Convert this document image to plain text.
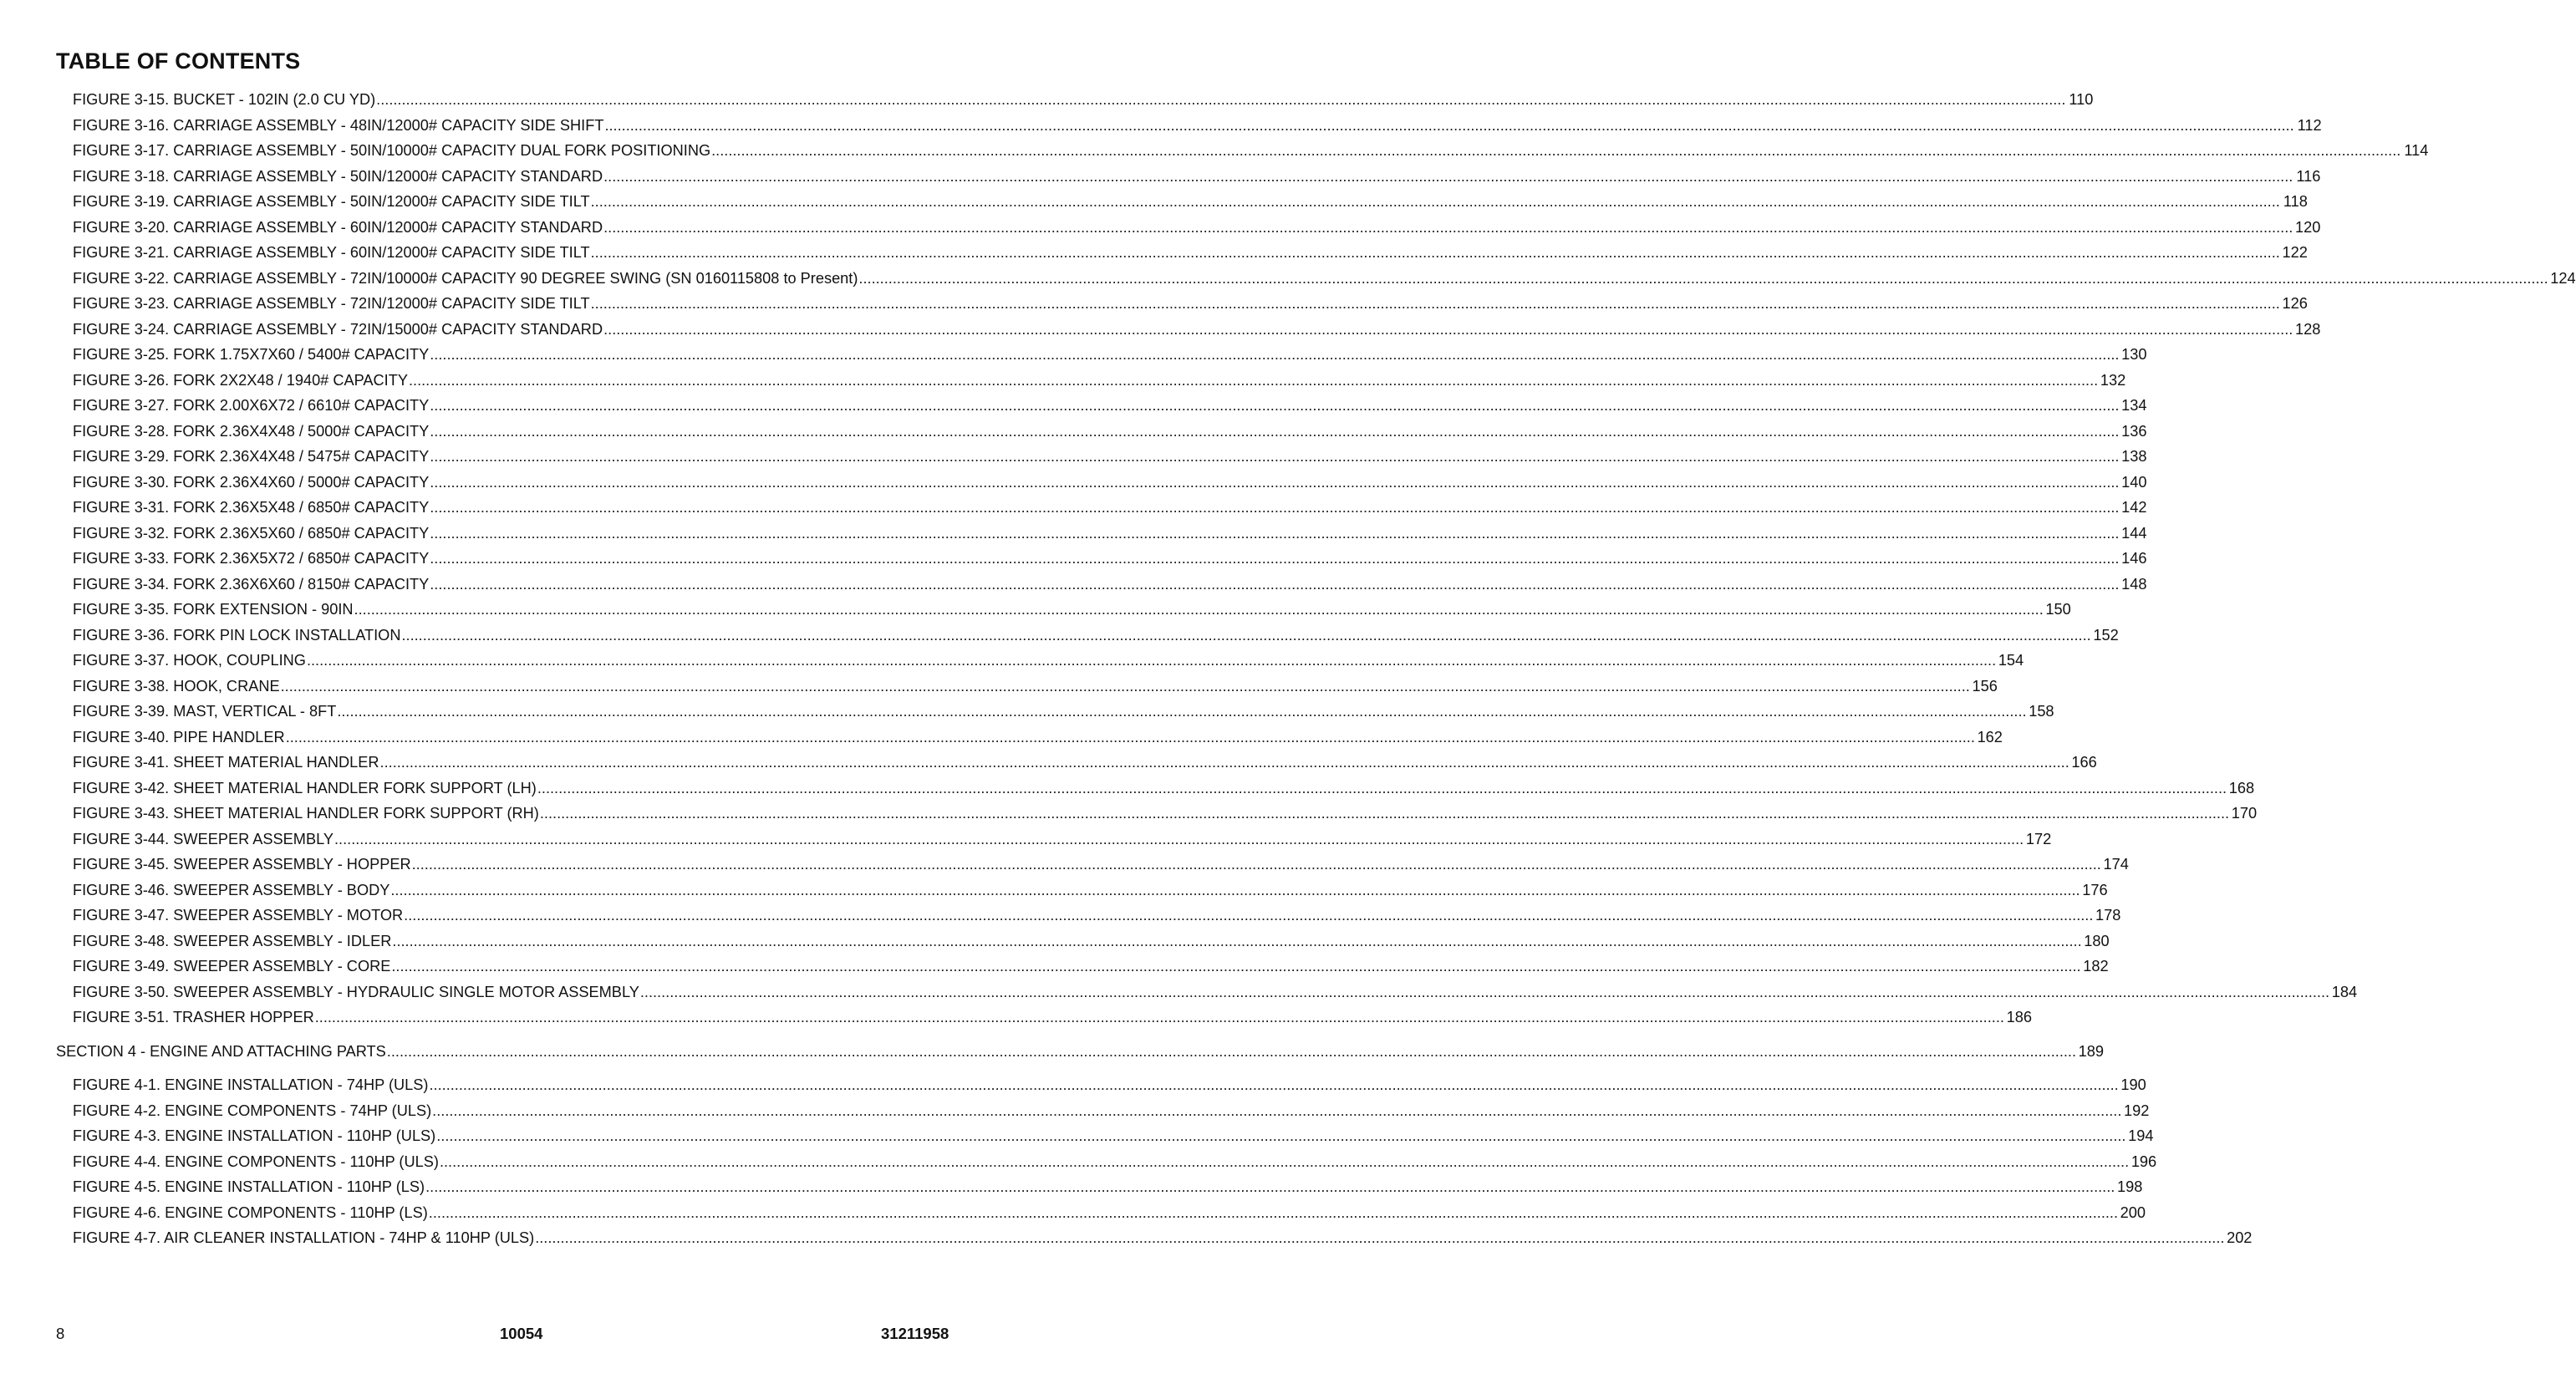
TABLE OF CONTENTS
FIGURE 3-15. BUCKET - 102IN (2.0 CU YD) ................................................................................................................................................................................................................................................................................................................................................................................................................ 110
FIGURE 3-16. CARRIAGE ASSEMBLY - 48IN/12000# CAPACITY SIDE SHIFT ................................................................................................................................................................................................................................................................................................................................................................................................................ 112
FIGURE 3-17. CARRIAGE ASSEMBLY - 50IN/10000# CAPACITY DUAL FORK POSITIONING ................................................................................................................................................................................................................................................................................................................................................................................................................ 114
FIGURE 3-18. CARRIAGE ASSEMBLY - 50IN/12000# CAPACITY STANDARD ................................................................................................................................................................................................................................................................................................................................................................................................................ 116
FIGURE 3-19. CARRIAGE ASSEMBLY - 50IN/12000# CAPACITY SIDE TILT ................................................................................................................................................................................................................................................................................................................................................................................................................ 118
FIGURE 3-20. CARRIAGE ASSEMBLY - 60IN/12000# CAPACITY STANDARD ................................................................................................................................................................................................................................................................................................................................................................................................................ 120
FIGURE 3-21. CARRIAGE ASSEMBLY - 60IN/12000# CAPACITY SIDE TILT ................................................................................................................................................................................................................................................................................................................................................................................................................ 122
FIGURE 3-22. CARRIAGE ASSEMBLY - 72IN/10000# CAPACITY 90 DEGREE SWING (SN 0160115808 to Present) ................................................................................................................................................................................................................................................................................................................................................................................................................ 124
FIGURE 3-23. CARRIAGE ASSEMBLY - 72IN/12000# CAPACITY SIDE TILT ................................................................................................................................................................................................................................................................................................................................................................................................................ 126
FIGURE 3-24. CARRIAGE ASSEMBLY - 72IN/15000# CAPACITY STANDARD ................................................................................................................................................................................................................................................................................................................................................................................................................ 128
FIGURE 3-25. FORK 1.75X7X60 / 5400# CAPACITY ................................................................................................................................................................................................................................................................................................................................................................................................................ 130
FIGURE 3-26. FORK 2X2X48 / 1940# CAPACITY ................................................................................................................................................................................................................................................................................................................................................................................................................ 132
FIGURE 3-27. FORK 2.00X6X72 / 6610# CAPACITY ................................................................................................................................................................................................................................................................................................................................................................................................................ 134
FIGURE 3-28. FORK 2.36X4X48 / 5000# CAPACITY ................................................................................................................................................................................................................................................................................................................................................................................................................ 136
FIGURE 3-29. FORK 2.36X4X48 / 5475# CAPACITY ................................................................................................................................................................................................................................................................................................................................................................................................................ 138
FIGURE 3-30. FORK 2.36X4X60 / 5000# CAPACITY ................................................................................................................................................................................................................................................................................................................................................................................................................ 140
FIGURE 3-31. FORK 2.36X5X48 / 6850# CAPACITY ................................................................................................................................................................................................................................................................................................................................................................................................................ 142
FIGURE 3-32. FORK 2.36X5X60 / 6850# CAPACITY ................................................................................................................................................................................................................................................................................................................................................................................................................ 144
FIGURE 3-33. FORK 2.36X5X72 / 6850# CAPACITY ................................................................................................................................................................................................................................................................................................................................................................................................................ 146
FIGURE 3-34. FORK 2.36X6X60 / 8150# CAPACITY ................................................................................................................................................................................................................................................................................................................................................................................................................ 148
FIGURE 3-35. FORK EXTENSION - 90IN ................................................................................................................................................................................................................................................................................................................................................................................................................ 150
FIGURE 3-36. FORK PIN LOCK INSTALLATION ................................................................................................................................................................................................................................................................................................................................................................................................................ 152
FIGURE 3-37. HOOK, COUPLING ................................................................................................................................................................................................................................................................................................................................................................................................................ 154
FIGURE 3-38. HOOK, CRANE ................................................................................................................................................................................................................................................................................................................................................................................................................ 156
FIGURE 3-39. MAST, VERTICAL - 8FT ................................................................................................................................................................................................................................................................................................................................................................................................................ 158
FIGURE 3-40. PIPE HANDLER ................................................................................................................................................................................................................................................................................................................................................................................................................ 162
FIGURE 3-41. SHEET MATERIAL HANDLER ................................................................................................................................................................................................................................................................................................................................................................................................................ 166
FIGURE 3-42. SHEET MATERIAL HANDLER FORK SUPPORT (LH) ................................................................................................................................................................................................................................................................................................................................................................................................................ 168
FIGURE 3-43. SHEET MATERIAL HANDLER FORK SUPPORT (RH) ................................................................................................................................................................................................................................................................................................................................................................................................................ 170
FIGURE 3-44. SWEEPER ASSEMBLY ................................................................................................................................................................................................................................................................................................................................................................................................................ 172
FIGURE 3-45. SWEEPER ASSEMBLY - HOPPER ................................................................................................................................................................................................................................................................................................................................................................................................................ 174
FIGURE 3-46. SWEEPER ASSEMBLY - BODY ................................................................................................................................................................................................................................................................................................................................................................................................................ 176
FIGURE 3-47. SWEEPER ASSEMBLY - MOTOR ................................................................................................................................................................................................................................................................................................................................................................................................................ 178
FIGURE 3-48. SWEEPER ASSEMBLY - IDLER ................................................................................................................................................................................................................................................................................................................................................................................................................ 180
FIGURE 3-49. SWEEPER ASSEMBLY - CORE ................................................................................................................................................................................................................................................................................................................................................................................................................ 182
FIGURE 3-50. SWEEPER ASSEMBLY - HYDRAULIC SINGLE MOTOR ASSEMBLY ................................................................................................................................................................................................................................................................................................................................................................................................................ 184
FIGURE 3-51. TRASHER HOPPER ................................................................................................................................................................................................................................................................................................................................................................................................................ 186
SECTION 4 - ENGINE AND ATTACHING PARTS ................................................................................................................................................................................................................................................................................................................................................................................................................ 189
FIGURE 4-1. ENGINE INSTALLATION - 74HP (ULS) ................................................................................................................................................................................................................................................................................................................................................................................................................ 190
FIGURE 4-2. ENGINE COMPONENTS - 74HP (ULS) ................................................................................................................................................................................................................................................................................................................................................................................................................ 192
FIGURE 4-3. ENGINE INSTALLATION - 110HP (ULS) ................................................................................................................................................................................................................................................................................................................................................................................................................ 194
FIGURE 4-4. ENGINE COMPONENTS - 110HP (ULS) ................................................................................................................................................................................................................................................................................................................................................................................................................ 196
FIGURE 4-5. ENGINE INSTALLATION - 110HP (LS) ................................................................................................................................................................................................................................................................................................................................................................................................................ 198
FIGURE 4-6. ENGINE COMPONENTS - 110HP (LS) ................................................................................................................................................................................................................................................................................................................................................................................................................ 200
FIGURE 4-7. AIR CLEANER INSTALLATION - 74HP & 110HP (ULS) ................................................................................................................................................................................................................................................................................................................................................................................................................ 202
8	10054	31211958
